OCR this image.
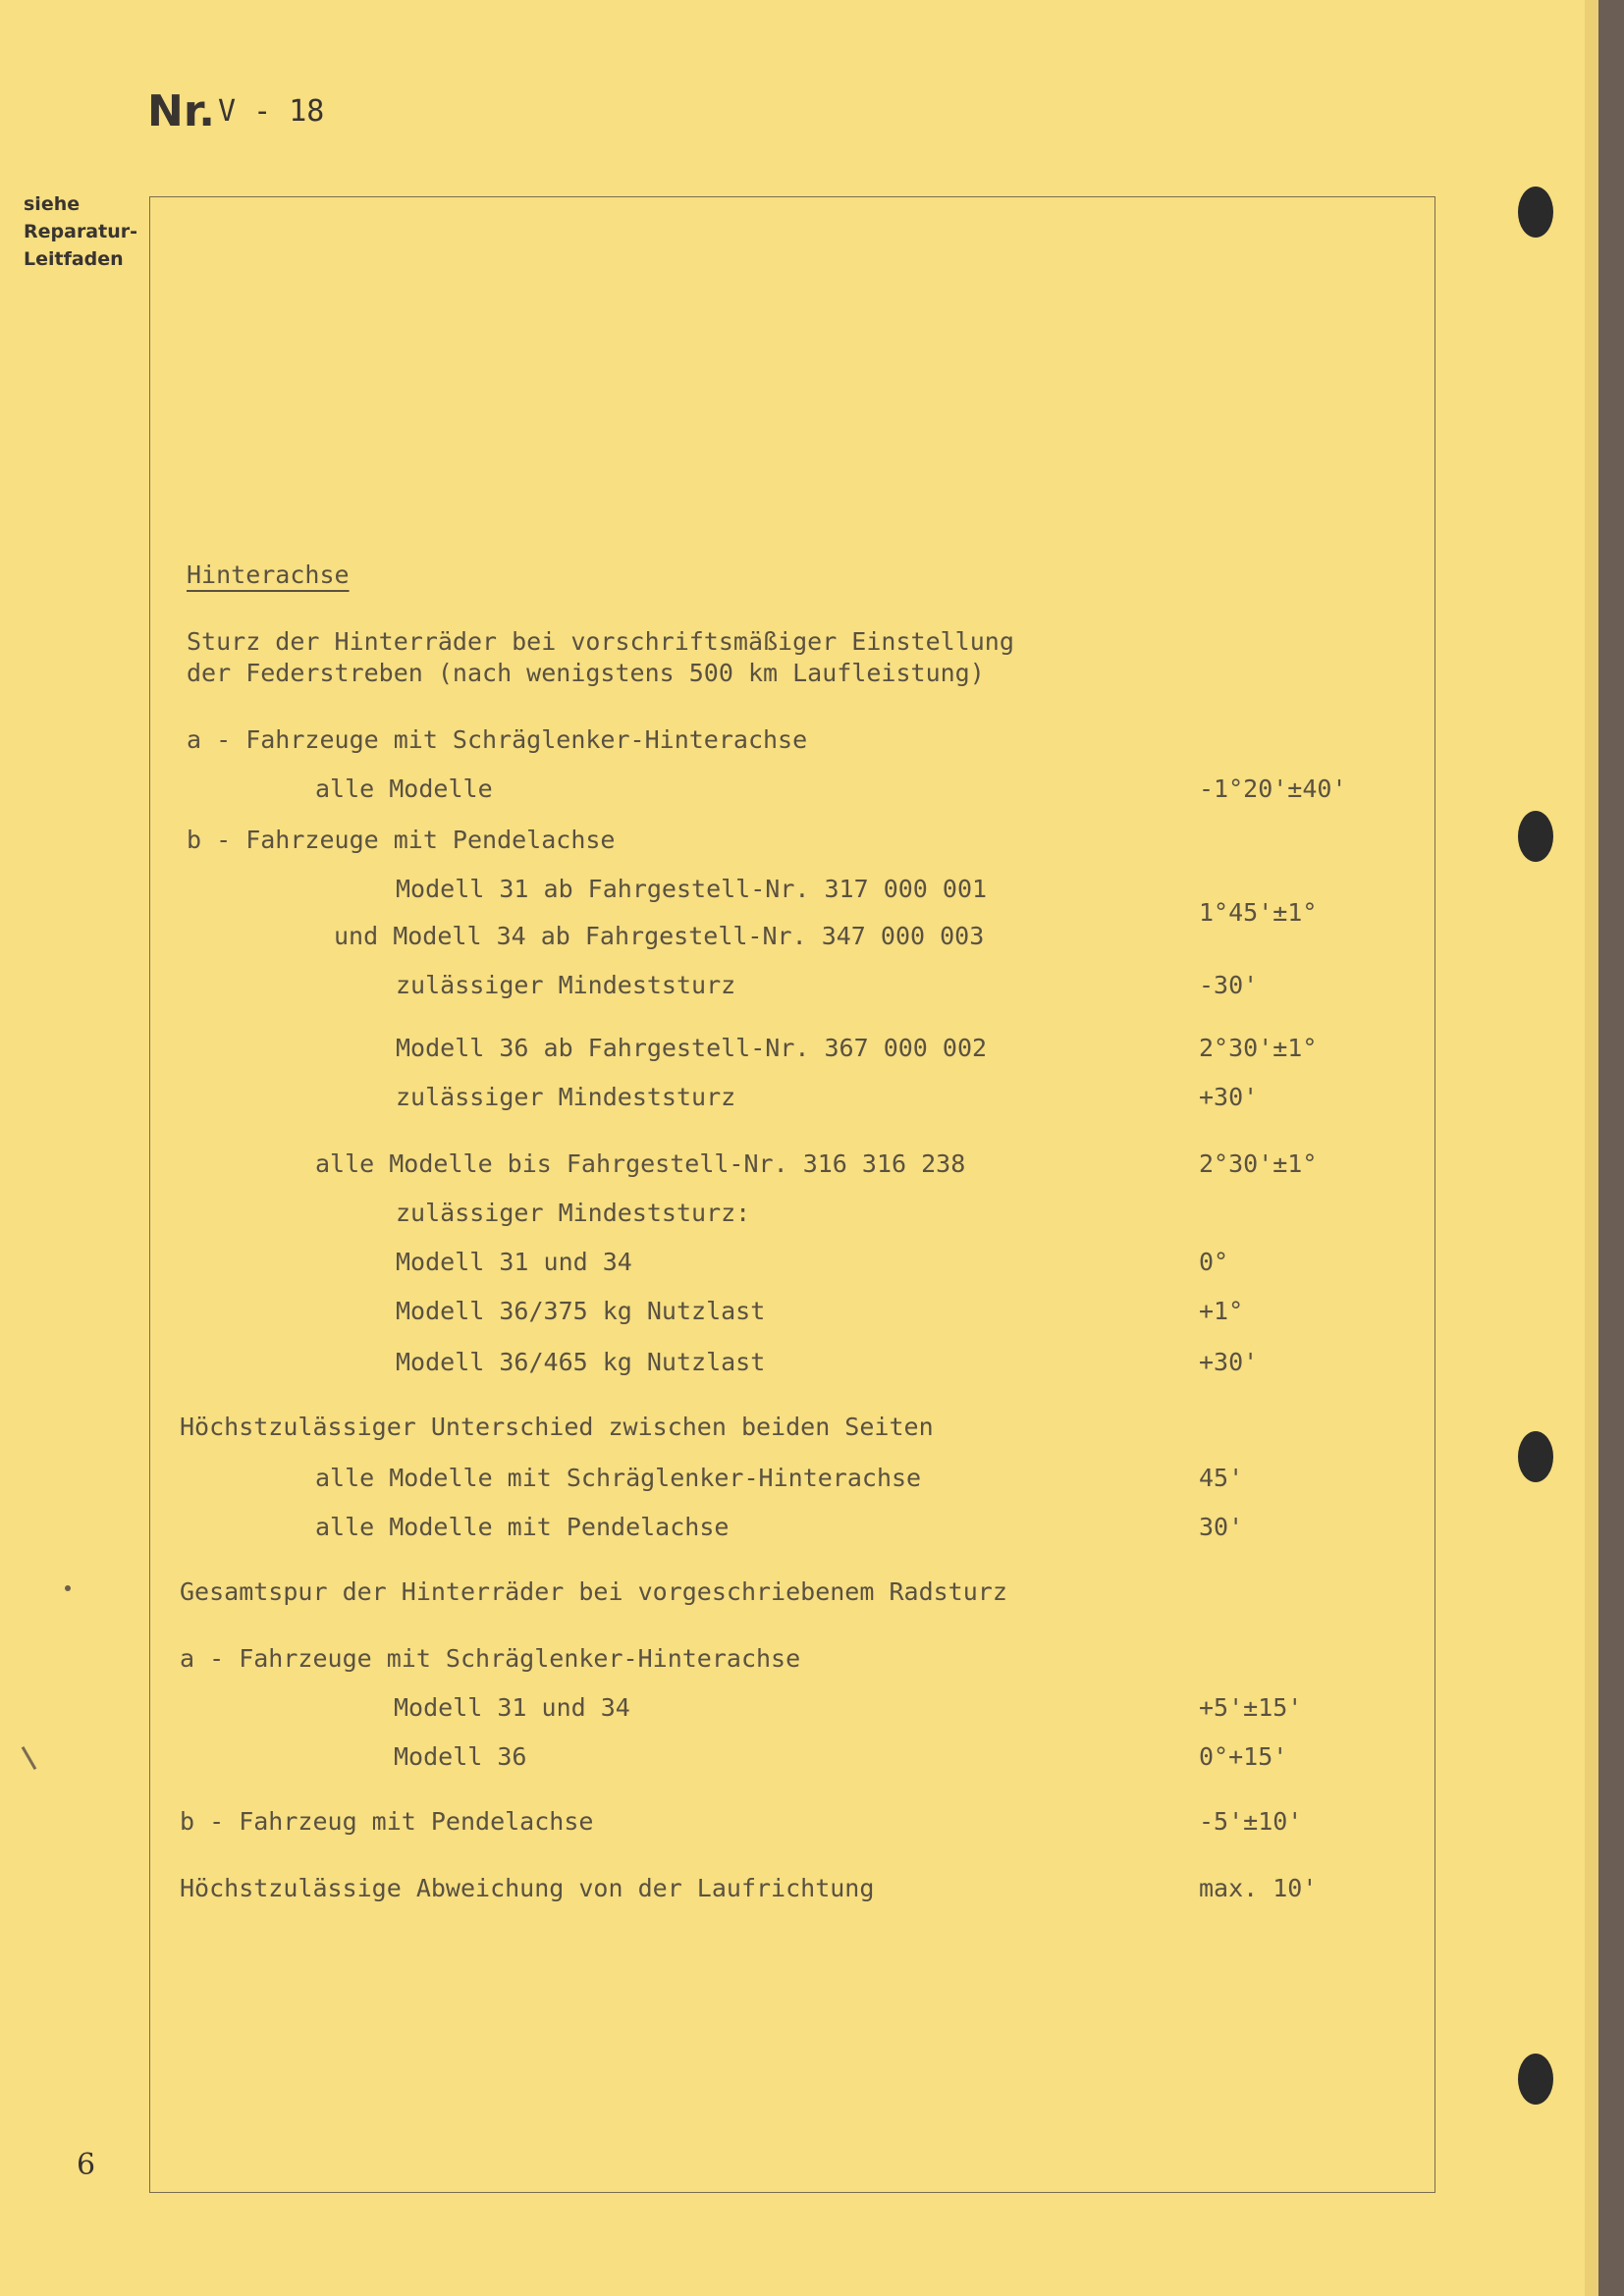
Nr. V - 18
siehe
Reparatur-
Leitfaden
Hinterachse
Sturz der Hinterräder bei vorschriftsmäßiger Einstellung
der Federstreben (nach wenigstens 500 km Laufleistung)
a - Fahrzeuge mit Schräglenker-Hinterachse
alle Modelle	-1°20'±40'
b - Fahrzeuge mit Pendelachse
Modell 31 ab Fahrgestell-Nr. 317 000 001
und Modell 34 ab Fahrgestell-Nr. 347 000 003
1°45'±1°
zulässiger Mindeststurz	-30'
Modell 36 ab Fahrgestell-Nr. 367 000 002	2°30'±1°
zulässiger Mindeststurz	+30'
alle Modelle bis Fahrgestell-Nr. 316 316 238	2°30'±1°
zulässiger Mindeststurz:
Modell 31 und 34	0°
Modell 36/375 kg Nutzlast	+1°
Modell 36/465 kg Nutzlast	+30'
Höchstzulässiger Unterschied zwischen beiden Seiten
alle Modelle mit Schräglenker-Hinterachse	45'
alle Modelle mit Pendelachse	30'
Gesamtspur der Hinterräder bei vorgeschriebenem Radsturz
a - Fahrzeuge mit Schräglenker-Hinterachse
Modell 31 und 34	+5'±15'
Modell 36	0°+15'
b - Fahrzeug mit Pendelachse	-5'±10'
Höchstzulässige Abweichung von der Laufrichtung	max. 10'
6
